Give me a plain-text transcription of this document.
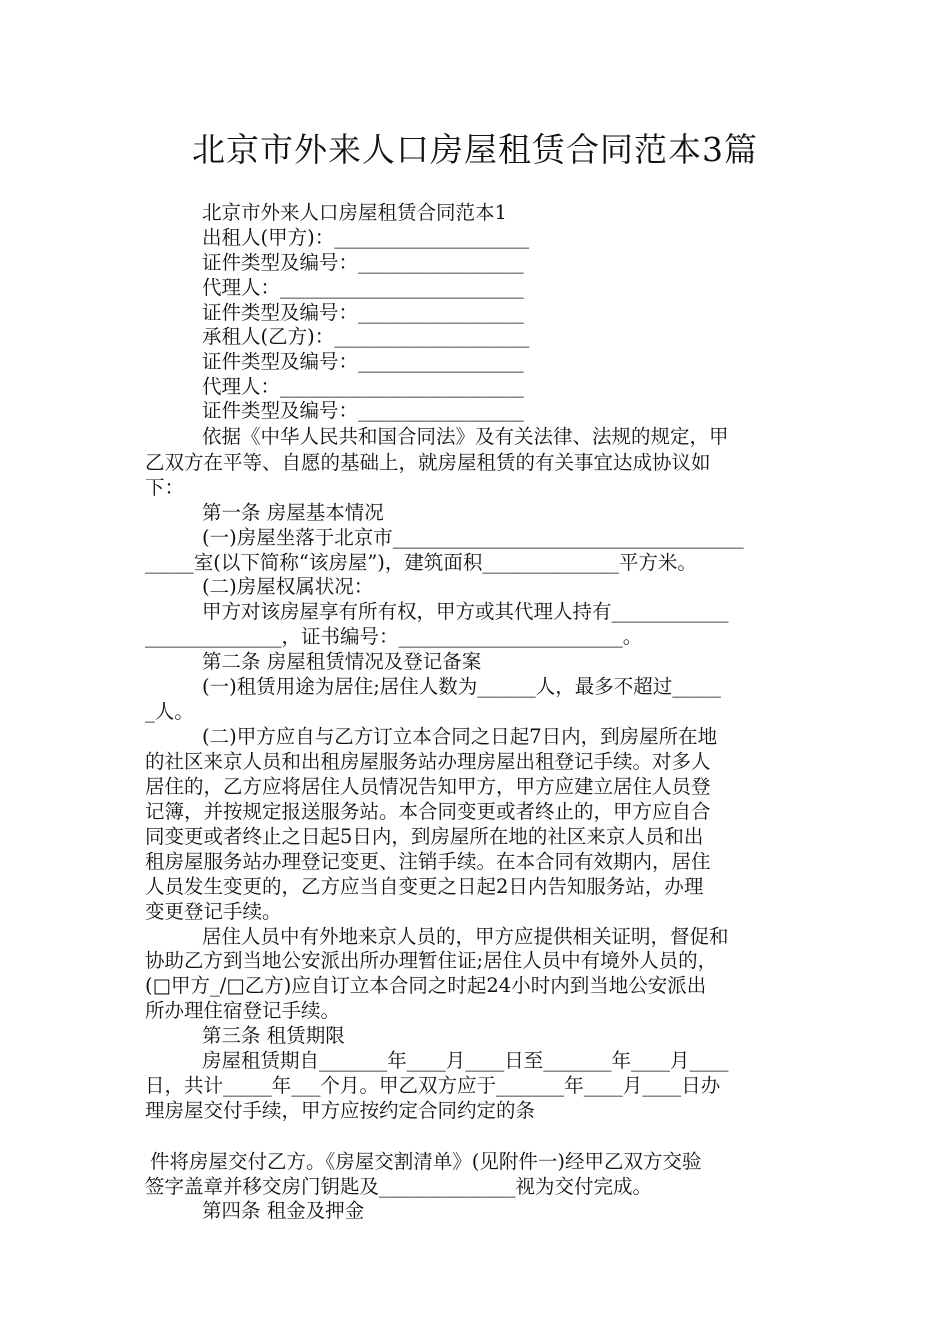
北京市外来人口房屋租赁合同范本3篇
北京市外来人口房屋租赁合同范本1
出租人(甲方)：____________________
证件类型及编号：_________________
代理人：_________________________
证件类型及编号：_________________
承租人(乙方)：____________________
证件类型及编号：_________________
代理人：_________________________
证件类型及编号：_________________
依据《中华人民共和国合同法》及有关法律、法规的规定，甲
乙双方在平等、自愿的基础上，就房屋租赁的有关事宜达成协议如
下：
第一条 房屋基本情况
(一)房屋坐落于北京市____________________________________
_____室(以下简称“该房屋”)，建筑面积______________平方米。
(二)房屋权属状况：
甲方对该房屋享有所有权，甲方或其代理人持有____________
______________，证书编号：_______________________。
第二条 房屋租赁情况及登记备案
(一)租赁用途为居住;居住人数为______人，最多不超过_____
_人。
(二)甲方应自与乙方订立本合同之日起7日内，到房屋所在地
的社区来京人员和出租房屋服务站办理房屋出租登记手续。对多人
居住的，乙方应将居住人员情况告知甲方，甲方应建立居住人员登
记簿，并按规定报送服务站。本合同变更或者终止的，甲方应自合
同变更或者终止之日起5日内，到房屋所在地的社区来京人员和出
租房屋服务站办理登记变更、注销手续。在本合同有效期内，居住
人员发生变更的，乙方应当自变更之日起2日内告知服务站，办理
变更登记手续。
居住人员中有外地来京人员的，甲方应提供相关证明，督促和
协助乙方到当地公安派出所办理暂住证;居住人员中有境外人员的，
(□甲方_/□乙方)应自订立本合同之时起24小时内到当地公安派出
所办理住宿登记手续。
第三条 租赁期限
房屋租赁期自_______年____月____日至_______年____月____
日，共计_____年___个月。甲乙双方应于_______年____月____日办
理房屋交付手续，甲方应按约定合同约定的条
件将房屋交付乙方。《房屋交割清单》(见附件一)经甲乙双方交验
签字盖章并移交房门钥匙及______________视为交付完成。
第四条 租金及押金
